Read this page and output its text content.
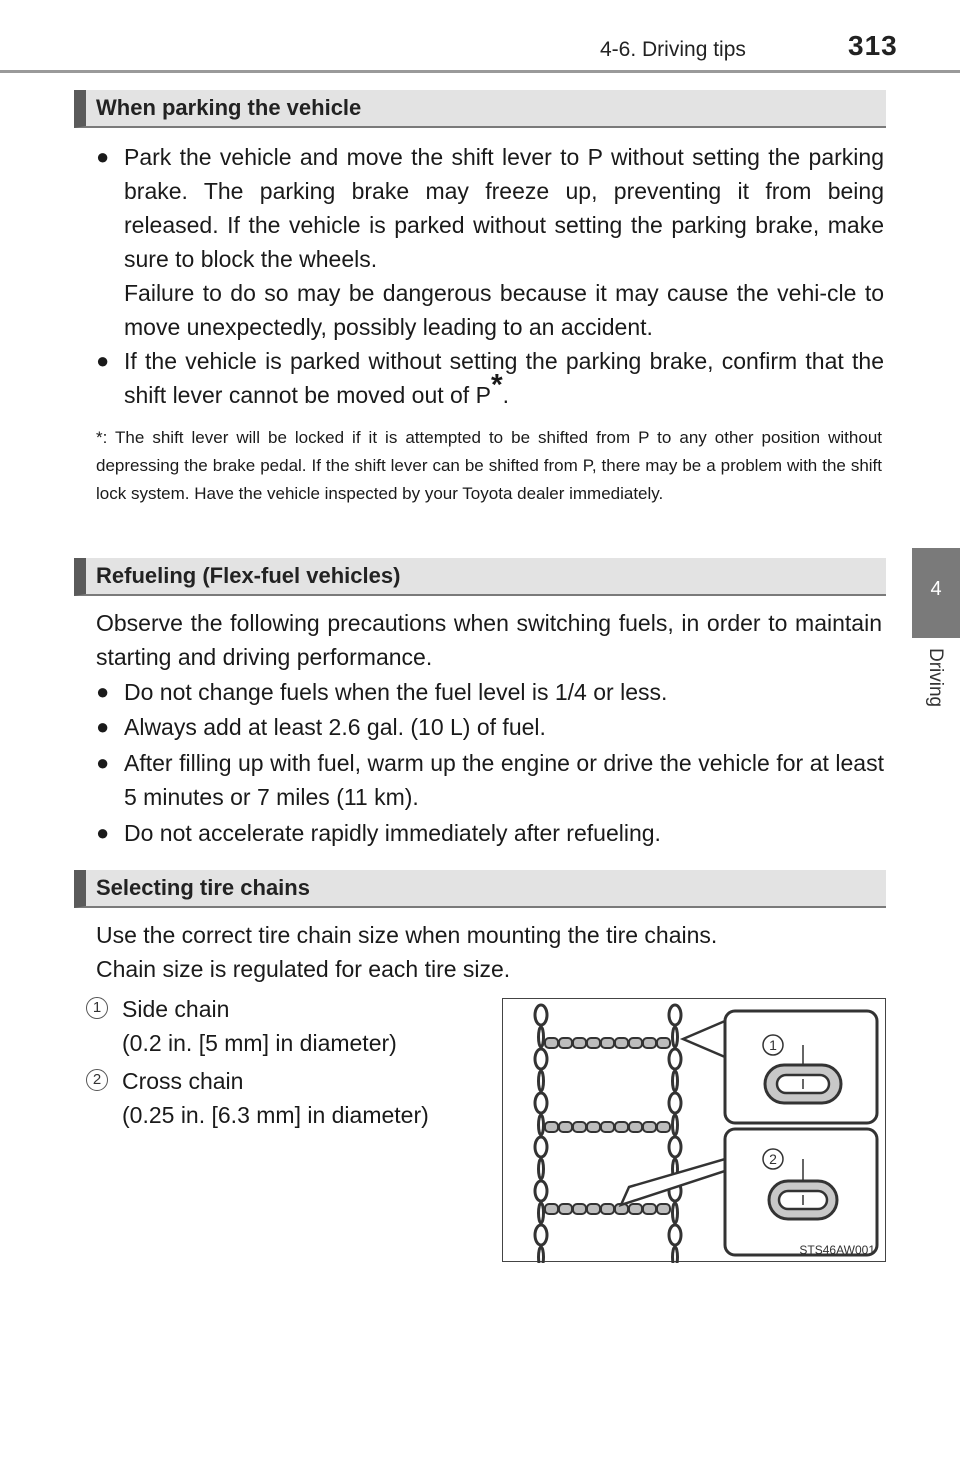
4-6. Driving tips	313
4
Driving
When parking the vehicle
● Park the vehicle and move the shift lever to P without setting the parking brake. The parking brake may freeze up, preventing it from being released. If the vehicle is parked without setting the parking brake, make sure to block the wheels.
Failure to do so may be dangerous because it may cause the vehi-cle to move unexpectedly, possibly leading to an accident.
● If the vehicle is parked without setting the parking brake, confirm that the shift lever cannot be moved out of P*.
*: The shift lever will be locked if it is attempted to be shifted from P to any other position without depressing the brake pedal. If the shift lever can be shifted from P, there may be a problem with the shift lock system. Have the vehicle inspected by your Toyota dealer immediately.
Refueling (Flex-fuel vehicles)
Observe the following precautions when switching fuels, in order to maintain starting and driving performance.
● Do not change fuels when the fuel level is 1/4 or less.
● Always add at least 2.6 gal. (10 L) of fuel.
● After filling up with fuel, warm up the engine or drive the vehicle for at least 5 minutes or 7 miles (11 km).
● Do not accelerate rapidly immediately after refueling.
Selecting tire chains
Use the correct tire chain size when mounting the tire chains.
Chain size is regulated for each tire size.
1 Side chain
(0.2 in. [5 mm] in diameter)
2 Cross chain
(0.25 in. [6.3 mm] in diameter)
1
2
STS46AW001
